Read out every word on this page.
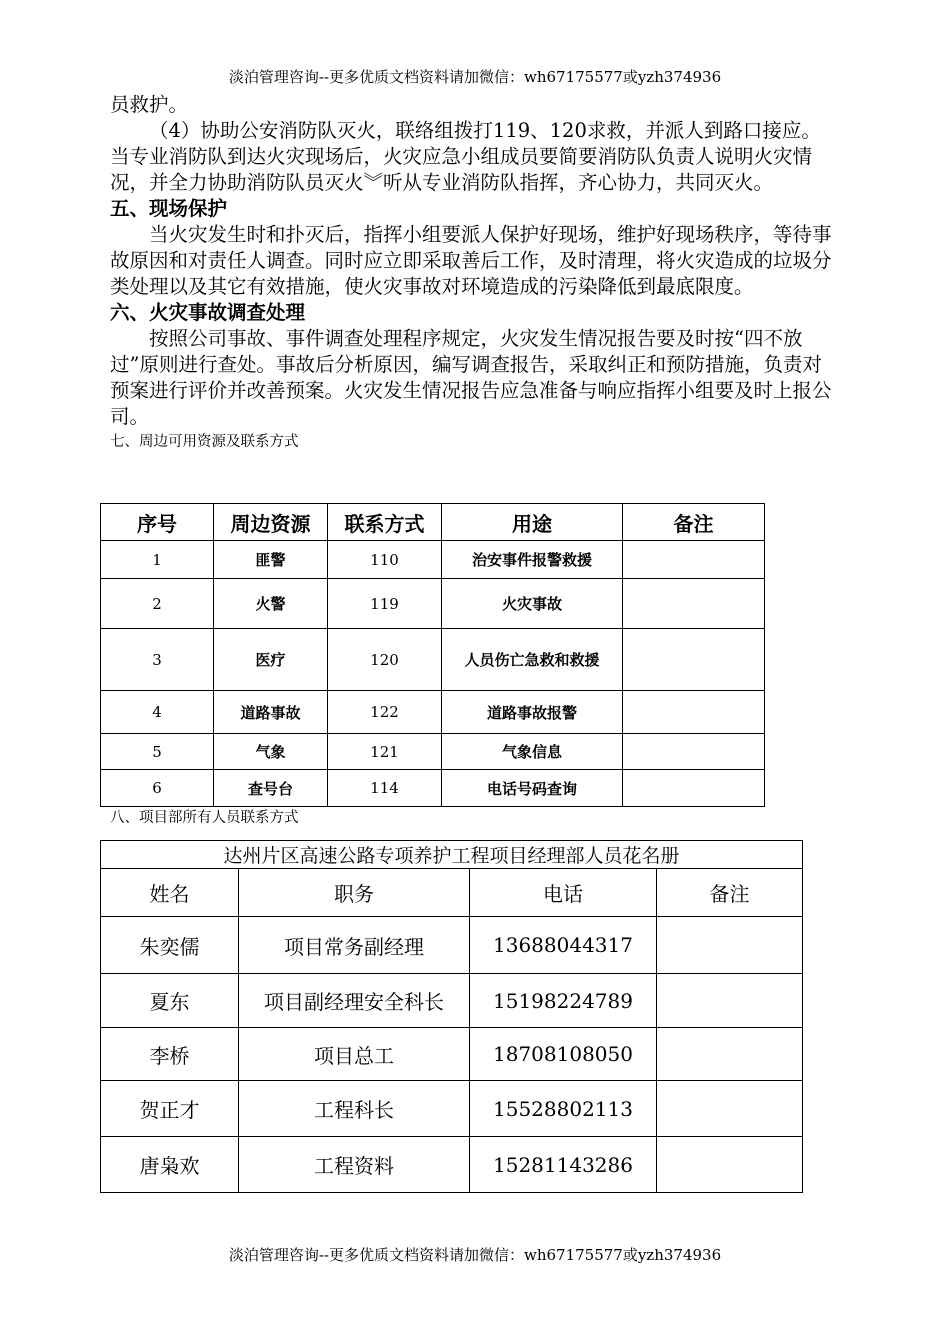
淡泊管理咨询--更多优质文档资料请加微信：wh67175577或yzh374936

员救护。

（4）协助公安消防队灭火，联络组拨打119、120求救，并派人到路口接应。当专业消防队到达火灾现场后，火灾应急小组成员要简要消防队负责人说明火灾情况，并全力协助消防队员灭火︾听从专业消防队指挥，齐心协力，共同灭火。

五、现场保护

当火灾发生时和扑灭后，指挥小组要派人保护好现场，维护好现场秩序，等待事故原因和对责任人调查。同时应立即采取善后工作，及时清理，将火灾造成的垃圾分类处理以及其它有效措施，使火灾事故对环境造成的污染降低到最底限度。

六、火灾事故调查处理

按照公司事故、事件调查处理程序规定，火灾发生情况报告要及时按“四不放过”原则进行查处。事故后分析原因，编写调查报告，采取纠正和预防措施，负责对预案进行评价并改善预案。火灾发生情况报告应急准备与响应指挥小组要及时上报公司。

七、周边可用资源及联系方式

序号	周边资源	联系方式	用途	备注
1	匪警	110	治安事件报警救援	
2	火警	119	火灾事故	
3	医疗	120	人员伤亡急救和救援	
4	道路事故	122	道路事故报警	
5	气象	121	气象信息	
6	查号台	114	电话号码查询	

八、项目部所有人员联系方式

达州片区高速公路专项养护工程项目经理部人员花名册			
姓名	职务	电话	备注
朱奕儒	项目常务副经理	13688044317	
夏东	项目副经理安全科长	15198224789	
李桥	项目总工	18708108050	
贺正才	工程科长	15528802113	
唐枭欢	工程资料	15281143286	
淡泊管理咨询--更多优质文档资料请加微信：wh67175577或yzh374936
